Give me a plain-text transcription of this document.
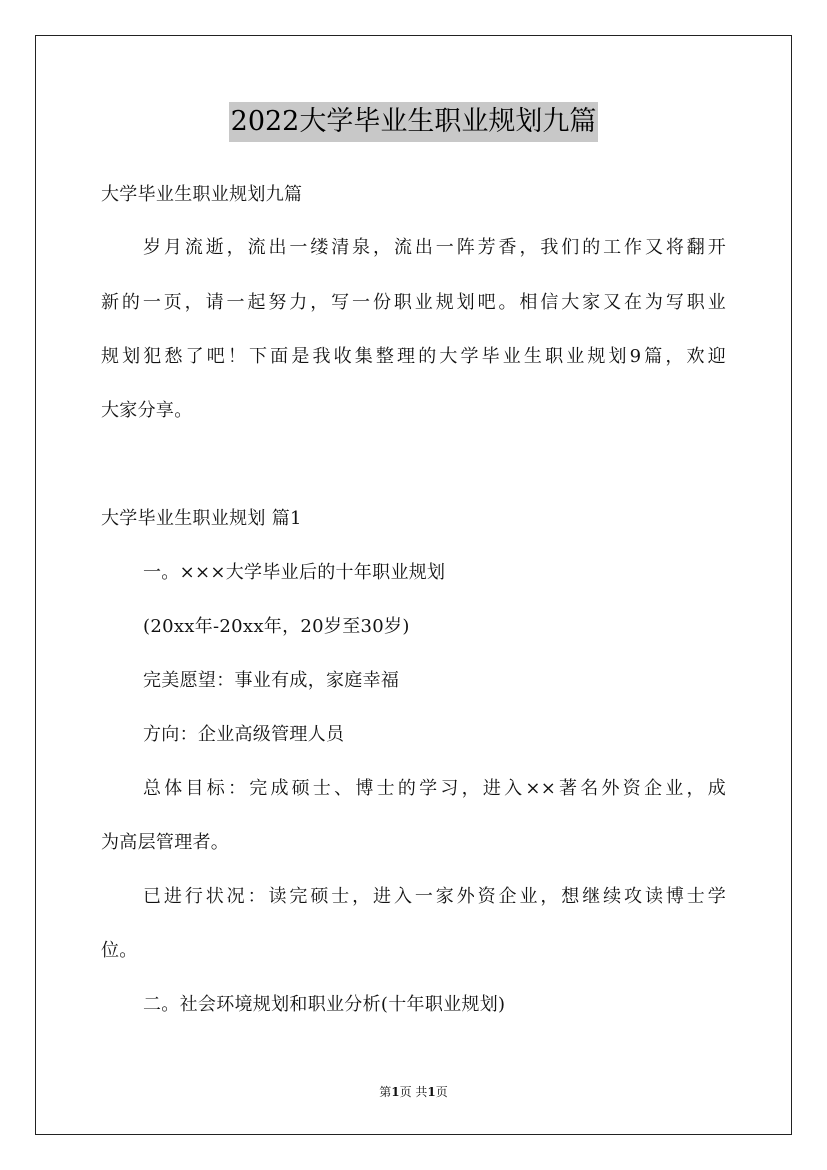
2022大学毕业生职业规划九篇
大学毕业生职业规划九篇
岁月流逝，流出一缕清泉，流出一阵芳香，我们的工作又将翻开
新的一页，请一起努力，写一份职业规划吧。相信大家又在为写职业
规划犯愁了吧！下面是我收集整理的大学毕业生职业规划9篇，欢迎
大家分享。
大学毕业生职业规划 篇1
一。×××大学毕业后的十年职业规划
(20xx年-20xx年，20岁至30岁)
完美愿望：事业有成，家庭幸福
方向：企业高级管理人员
总体目标：完成硕士、博士的学习，进入××著名外资企业，成
为高层管理者。
已进行状况：读完硕士，进入一家外资企业，想继续攻读博士学
位。
二。社会环境规划和职业分析(十年职业规划)
第1页 共1页
